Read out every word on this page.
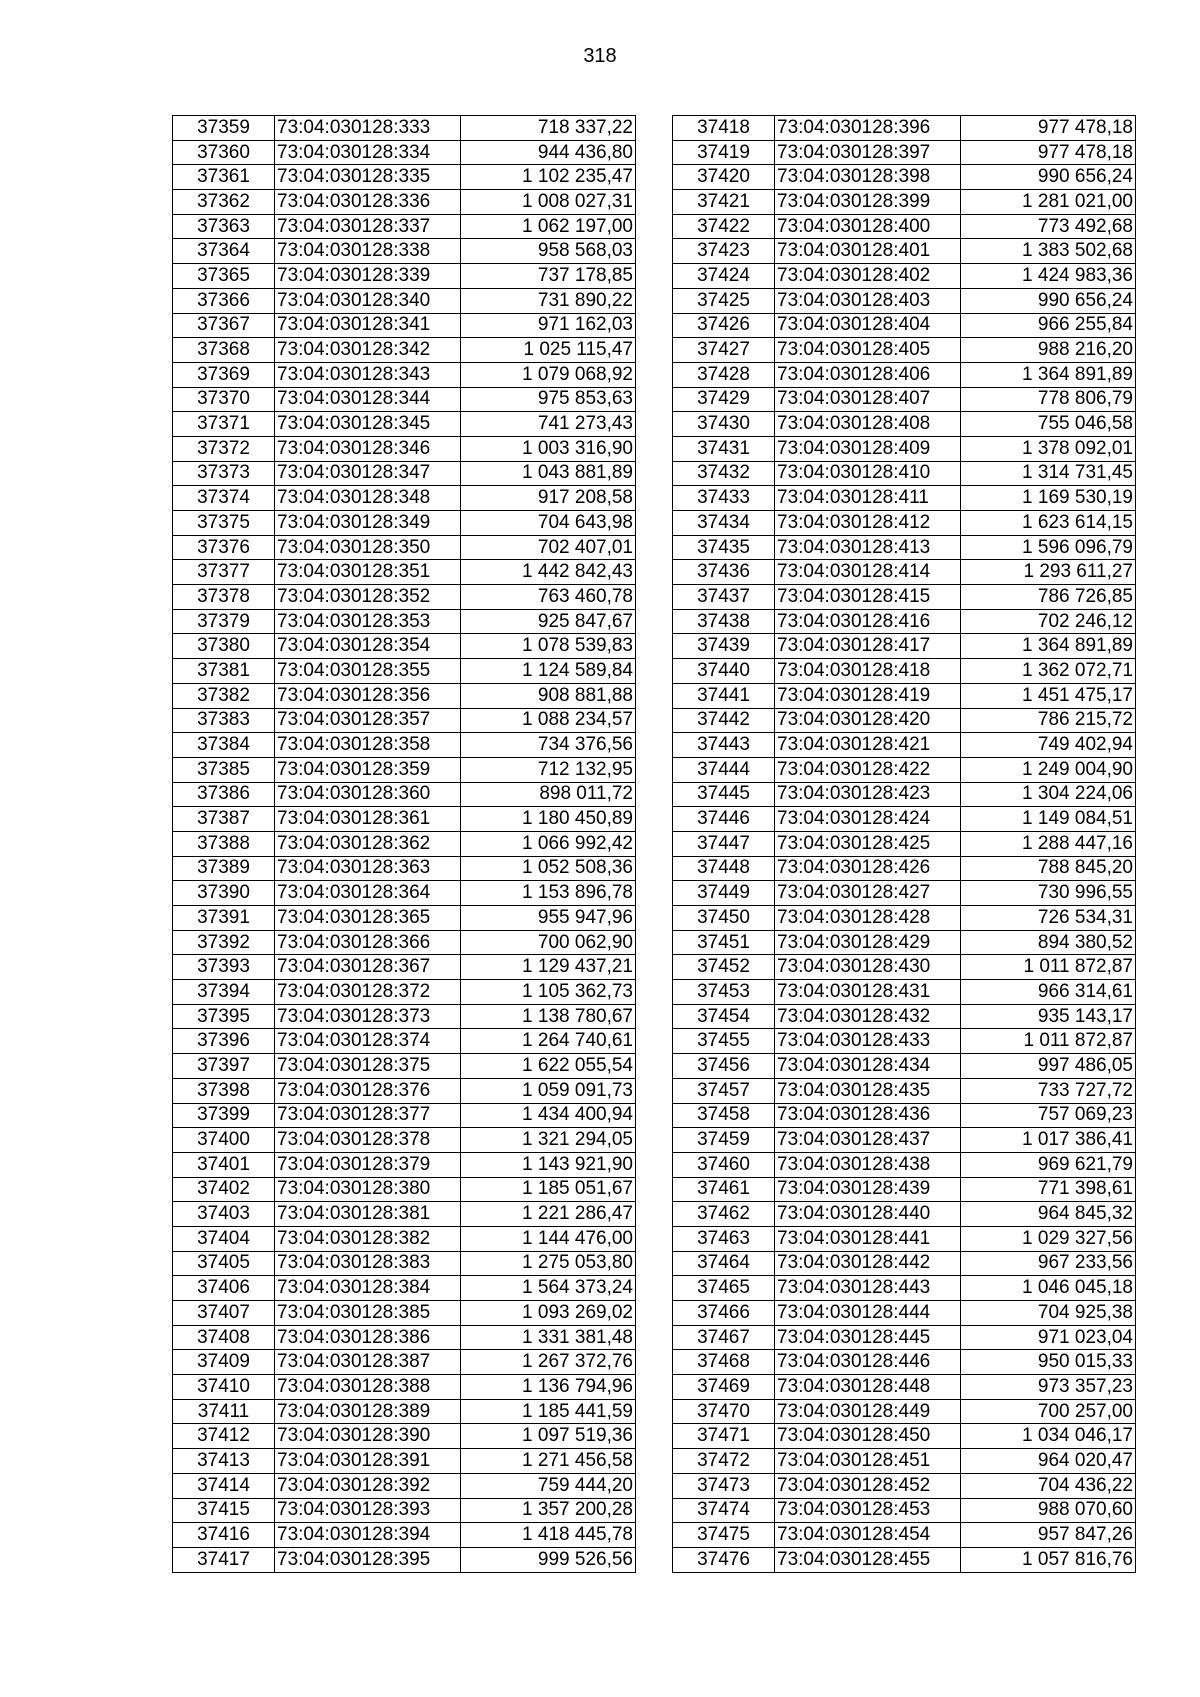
318
37359	73:04:030128:333	718 337,22
37360	73:04:030128:334	944 436,80
37361	73:04:030128:335	1 102 235,47
37362	73:04:030128:336	1 008 027,31
37363	73:04:030128:337	1 062 197,00
37364	73:04:030128:338	958 568,03
37365	73:04:030128:339	737 178,85
37366	73:04:030128:340	731 890,22
37367	73:04:030128:341	971 162,03
37368	73:04:030128:342	1 025 115,47
37369	73:04:030128:343	1 079 068,92
37370	73:04:030128:344	975 853,63
37371	73:04:030128:345	741 273,43
37372	73:04:030128:346	1 003 316,90
37373	73:04:030128:347	1 043 881,89
37374	73:04:030128:348	917 208,58
37375	73:04:030128:349	704 643,98
37376	73:04:030128:350	702 407,01
37377	73:04:030128:351	1 442 842,43
37378	73:04:030128:352	763 460,78
37379	73:04:030128:353	925 847,67
37380	73:04:030128:354	1 078 539,83
37381	73:04:030128:355	1 124 589,84
37382	73:04:030128:356	908 881,88
37383	73:04:030128:357	1 088 234,57
37384	73:04:030128:358	734 376,56
37385	73:04:030128:359	712 132,95
37386	73:04:030128:360	898 011,72
37387	73:04:030128:361	1 180 450,89
37388	73:04:030128:362	1 066 992,42
37389	73:04:030128:363	1 052 508,36
37390	73:04:030128:364	1 153 896,78
37391	73:04:030128:365	955 947,96
37392	73:04:030128:366	700 062,90
37393	73:04:030128:367	1 129 437,21
37394	73:04:030128:372	1 105 362,73
37395	73:04:030128:373	1 138 780,67
37396	73:04:030128:374	1 264 740,61
37397	73:04:030128:375	1 622 055,54
37398	73:04:030128:376	1 059 091,73
37399	73:04:030128:377	1 434 400,94
37400	73:04:030128:378	1 321 294,05
37401	73:04:030128:379	1 143 921,90
37402	73:04:030128:380	1 185 051,67
37403	73:04:030128:381	1 221 286,47
37404	73:04:030128:382	1 144 476,00
37405	73:04:030128:383	1 275 053,80
37406	73:04:030128:384	1 564 373,24
37407	73:04:030128:385	1 093 269,02
37408	73:04:030128:386	1 331 381,48
37409	73:04:030128:387	1 267 372,76
37410	73:04:030128:388	1 136 794,96
37411	73:04:030128:389	1 185 441,59
37412	73:04:030128:390	1 097 519,36
37413	73:04:030128:391	1 271 456,58
37414	73:04:030128:392	759 444,20
37415	73:04:030128:393	1 357 200,28
37416	73:04:030128:394	1 418 445,78
37417	73:04:030128:395	999 526,56
37418	73:04:030128:396	977 478,18
37419	73:04:030128:397	977 478,18
37420	73:04:030128:398	990 656,24
37421	73:04:030128:399	1 281 021,00
37422	73:04:030128:400	773 492,68
37423	73:04:030128:401	1 383 502,68
37424	73:04:030128:402	1 424 983,36
37425	73:04:030128:403	990 656,24
37426	73:04:030128:404	966 255,84
37427	73:04:030128:405	988 216,20
37428	73:04:030128:406	1 364 891,89
37429	73:04:030128:407	778 806,79
37430	73:04:030128:408	755 046,58
37431	73:04:030128:409	1 378 092,01
37432	73:04:030128:410	1 314 731,45
37433	73:04:030128:411	1 169 530,19
37434	73:04:030128:412	1 623 614,15
37435	73:04:030128:413	1 596 096,79
37436	73:04:030128:414	1 293 611,27
37437	73:04:030128:415	786 726,85
37438	73:04:030128:416	702 246,12
37439	73:04:030128:417	1 364 891,89
37440	73:04:030128:418	1 362 072,71
37441	73:04:030128:419	1 451 475,17
37442	73:04:030128:420	786 215,72
37443	73:04:030128:421	749 402,94
37444	73:04:030128:422	1 249 004,90
37445	73:04:030128:423	1 304 224,06
37446	73:04:030128:424	1 149 084,51
37447	73:04:030128:425	1 288 447,16
37448	73:04:030128:426	788 845,20
37449	73:04:030128:427	730 996,55
37450	73:04:030128:428	726 534,31
37451	73:04:030128:429	894 380,52
37452	73:04:030128:430	1 011 872,87
37453	73:04:030128:431	966 314,61
37454	73:04:030128:432	935 143,17
37455	73:04:030128:433	1 011 872,87
37456	73:04:030128:434	997 486,05
37457	73:04:030128:435	733 727,72
37458	73:04:030128:436	757 069,23
37459	73:04:030128:437	1 017 386,41
37460	73:04:030128:438	969 621,79
37461	73:04:030128:439	771 398,61
37462	73:04:030128:440	964 845,32
37463	73:04:030128:441	1 029 327,56
37464	73:04:030128:442	967 233,56
37465	73:04:030128:443	1 046 045,18
37466	73:04:030128:444	704 925,38
37467	73:04:030128:445	971 023,04
37468	73:04:030128:446	950 015,33
37469	73:04:030128:448	973 357,23
37470	73:04:030128:449	700 257,00
37471	73:04:030128:450	1 034 046,17
37472	73:04:030128:451	964 020,47
37473	73:04:030128:452	704 436,22
37474	73:04:030128:453	988 070,60
37475	73:04:030128:454	957 847,26
37476	73:04:030128:455	1 057 816,76
